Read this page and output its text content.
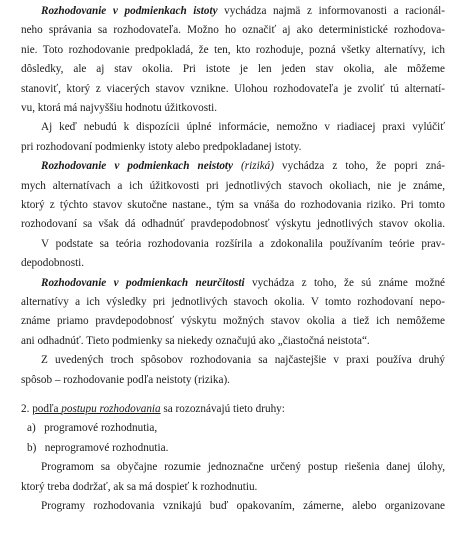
Rozhodovanie v podmienkach istoty vychádza najmä z informovanosti a racionál-
neho správania sa rozhodovateľa. Možno ho označiť aj ako deterministické rozhodova-
nie. Toto rozhodovanie predpokladá, že ten, kto rozhoduje, pozná všetky alternatívy, ich
dôsledky, ale aj stav okolia. Pri istote je len jeden stav okolia, ale môžeme
stanoviť, ktorý z viacerých stavov vznikne. Ulohou rozhodovateľa je zvoliť tú alternatí-
vu, ktorá má najvyššiu hodnotu úžitkovosti.
Aj keď nebudú k dispozícii úplné informácie, nemožno v riadiacej praxi vylúčiť
pri rozhodovaní podmienky istoty alebo predpokladanej istoty.
Rozhodovanie v podmienkach neistoty (riziká) vychádza z toho, že popri zná-
mych alternatívach a ich úžitkovosti pri jednotlivých stavoch okoliach, nie je známe,
ktorý z týchto stavov skutočne nastane., tým sa vnáša do rozhodovania riziko. Pri tomto
rozhodovaní sa však dá odhadnúť pravdepodobnosť výskytu jednotlivých stavov okolia.
V podstate sa teória rozhodovania rozšírila a zdokonalila používaním teórie prav-
depodobnosti.
Rozhodovanie v podmienkach neurčitosti vychádza z toho, že sú známe možné
alternatívy a ich výsledky pri jednotlivých stavoch okolia. V tomto rozhodovaní nepo-
známe priamo pravdepodobnosť výskytu možných stavov okolia a tiež ich nemôžeme
ani odhadnúť. Tieto podmienky sa niekedy označujú ako „čiastočná neistota“.
Z uvedených troch spôsobov rozhodovania sa najčastejšie v praxi používa druhý
spôsob – rozhodovanie podľa neistoty (rizika).
2. podľa postupu rozhodovania sa rozoznávajú tieto druhy:
a) programové rozhodnutia,
b) neprogramové rozhodnutia.
Programom sa obyčajne rozumie jednoznačne určený postup riešenia danej úlohy,
ktorý treba dodržať, ak sa má dospieť k rozhodnutiu.
Programy rozhodovania vznikajú buď opakovaním, zámerne, alebo organizovane
